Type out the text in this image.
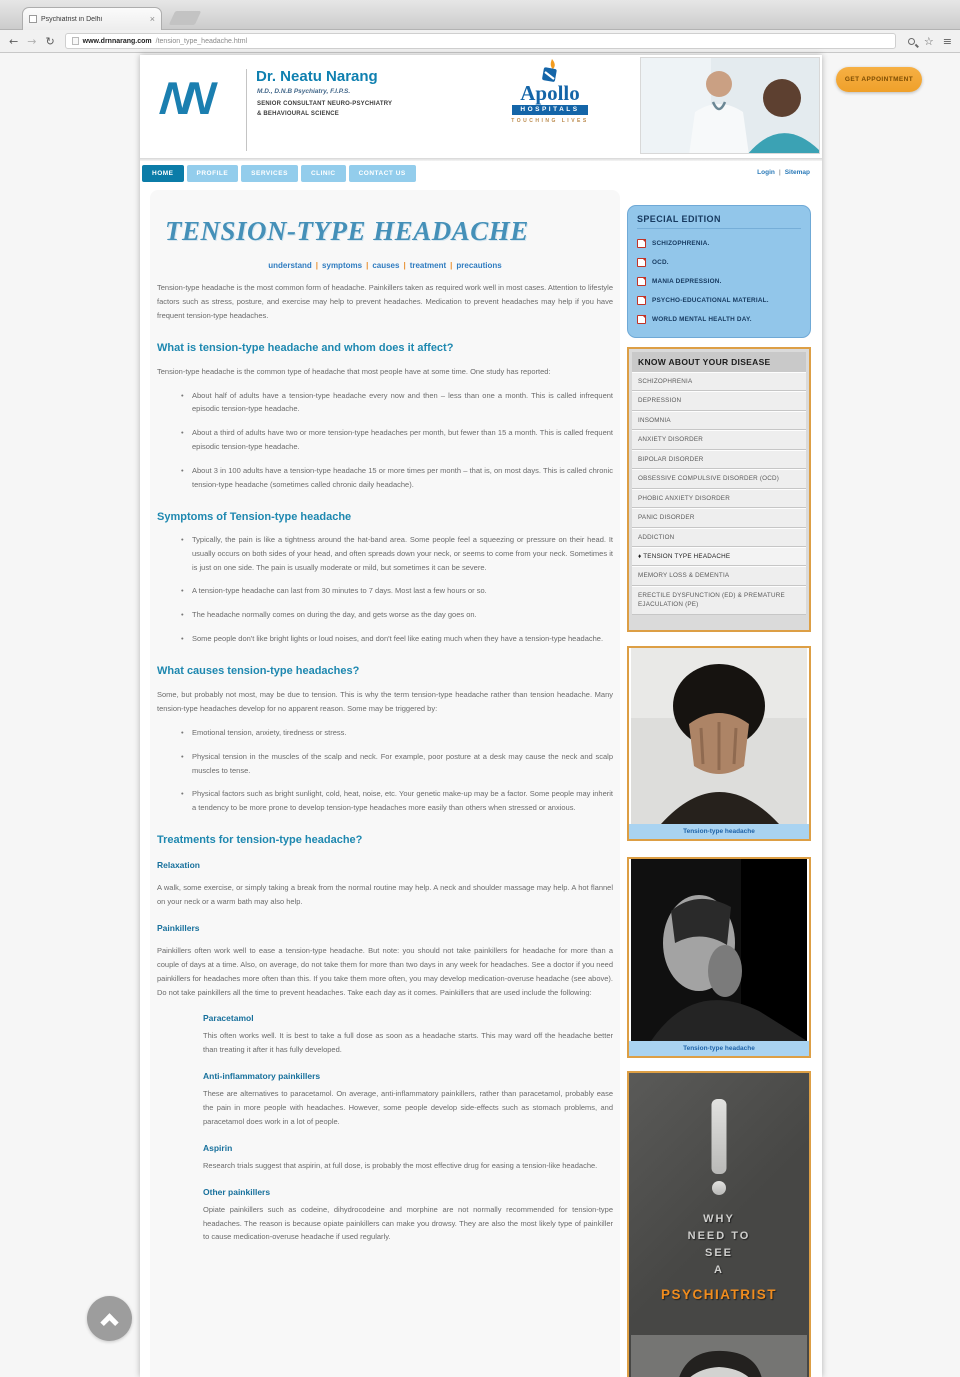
Psychiatrist in Delhi	×
← → ↻	www.drnnarang.com /tension_type_headache.html	☆ ≡
GET APPOINTMENT
NN	Dr. Neatu Narang
M.D., D.N.B Psychiatry, F.I.P.S.
SENIOR CONSULTANT NEURO-PSYCHIATRY
& BEHAVIOURAL SCIENCE
Apollo
HOSPITALS
TOUCHING LIVES
HOME	PROFILE	SERVICES	CLINIC	CONTACT US	Login | Sitemap
TENSION-TYPE HEADACHE
understand | symptoms | causes | treatment | precautions
Tension-type headache is the most common form of headache. Painkillers taken as required work well in most cases. Attention to lifestyle factors such as stress, posture, and exercise may help to prevent headaches. Medication to prevent headaches may help if you have frequent tension-type headaches.
What is tension-type headache and whom does it affect?
Tension-type headache is the common type of headache that most people have at some time. One study has reported:
• About half of adults have a tension-type headache every now and then – less than one a month. This is called infrequent episodic tension-type headache.
• About a third of adults have two or more tension-type headaches per month, but fewer than 15 a month. This is called frequent episodic tension-type headache.
• About 3 in 100 adults have a tension-type headache 15 or more times per month – that is, on most days. This is called chronic tension-type headache (sometimes called chronic daily headache).
Symptoms of Tension-type headache
• Typically, the pain is like a tightness around the hat-band area. Some people feel a squeezing or pressure on their head. It usually occurs on both sides of your head, and often spreads down your neck, or seems to come from your neck. Sometimes it is just on one side. The pain is usually moderate or mild, but sometimes it can be severe.
• A tension-type headache can last from 30 minutes to 7 days. Most last a few hours or so.
• The headache normally comes on during the day, and gets worse as the day goes on.
• Some people don't like bright lights or loud noises, and don't feel like eating much when they have a tension-type headache.
What causes tension-type headaches?
Some, but probably not most, may be due to tension. This is why the term tension-type headache rather than tension headache. Many tension-type headaches develop for no apparent reason. Some may be triggered by:
• Emotional tension, anxiety, tiredness or stress.
• Physical tension in the muscles of the scalp and neck. For example, poor posture at a desk may cause the neck and scalp muscles to tense.
• Physical factors such as bright sunlight, cold, heat, noise, etc. Your genetic make-up may be a factor. Some people may inherit a tendency to be more prone to develop tension-type headaches more easily than others when stressed or anxious.
Treatments for tension-type headache?
Relaxation
A walk, some exercise, or simply taking a break from the normal routine may help. A neck and shoulder massage may help. A hot flannel on your neck or a warm bath may also help.
Painkillers
Painkillers often work well to ease a tension-type headache. But note: you should not take painkillers for headache for more than a couple of days at a time. Also, on average, do not take them for more than two days in any week for headaches. See a doctor if you need painkillers for headaches more often than this. If you take them more often, you may develop medication-overuse headache (see above). Do not take painkillers all the time to prevent headaches. Take each day as it comes. Painkillers that are used include the following:
Paracetamol
This often works well. It is best to take a full dose as soon as a headache starts. This may ward off the headache better than treating it after it has fully developed.
Anti-inflammatory painkillers
These are alternatives to paracetamol. On average, anti-inflammatory painkillers, rather than paracetamol, probably ease the pain in more people with headaches. However, some people develop side-effects such as stomach problems, and paracetamol does work in a lot of people.
Aspirin
Research trials suggest that aspirin, at full dose, is probably the most effective drug for easing a tension-like headache.
Other painkillers
Opiate painkillers such as codeine, dihydrocodeine and morphine are not normally recommended for tension-type headaches. The reason is because opiate painkillers can make you drowsy. They are also the most likely type of painkiller to cause medication-overuse headache if used regularly.
SPECIAL EDITION
SCHIZOPHRENIA.
OCD.
MANIA DEPRESSION.
PSYCHO-EDUCATIONAL MATERIAL.
WORLD MENTAL HEALTH DAY.
KNOW ABOUT YOUR DISEASE
SCHIZOPHRENIA
DEPRESSION
INSOMNIA
ANXIETY DISORDER
BIPOLAR DISORDER
OBSESSIVE COMPULSIVE DISORDER (OCD)
PHOBIC ANXIETY DISORDER
PANIC DISORDER
ADDICTION
♦ TENSION TYPE HEADACHE
MEMORY LOSS & DEMENTIA
ERECTILE DYSFUNCTION (ED) & PREMATURE EJACULATION (PE)
Tension-type headache
Tension-type headache
WHY
NEED TO
SEE
A
PSYCHIATRIST
